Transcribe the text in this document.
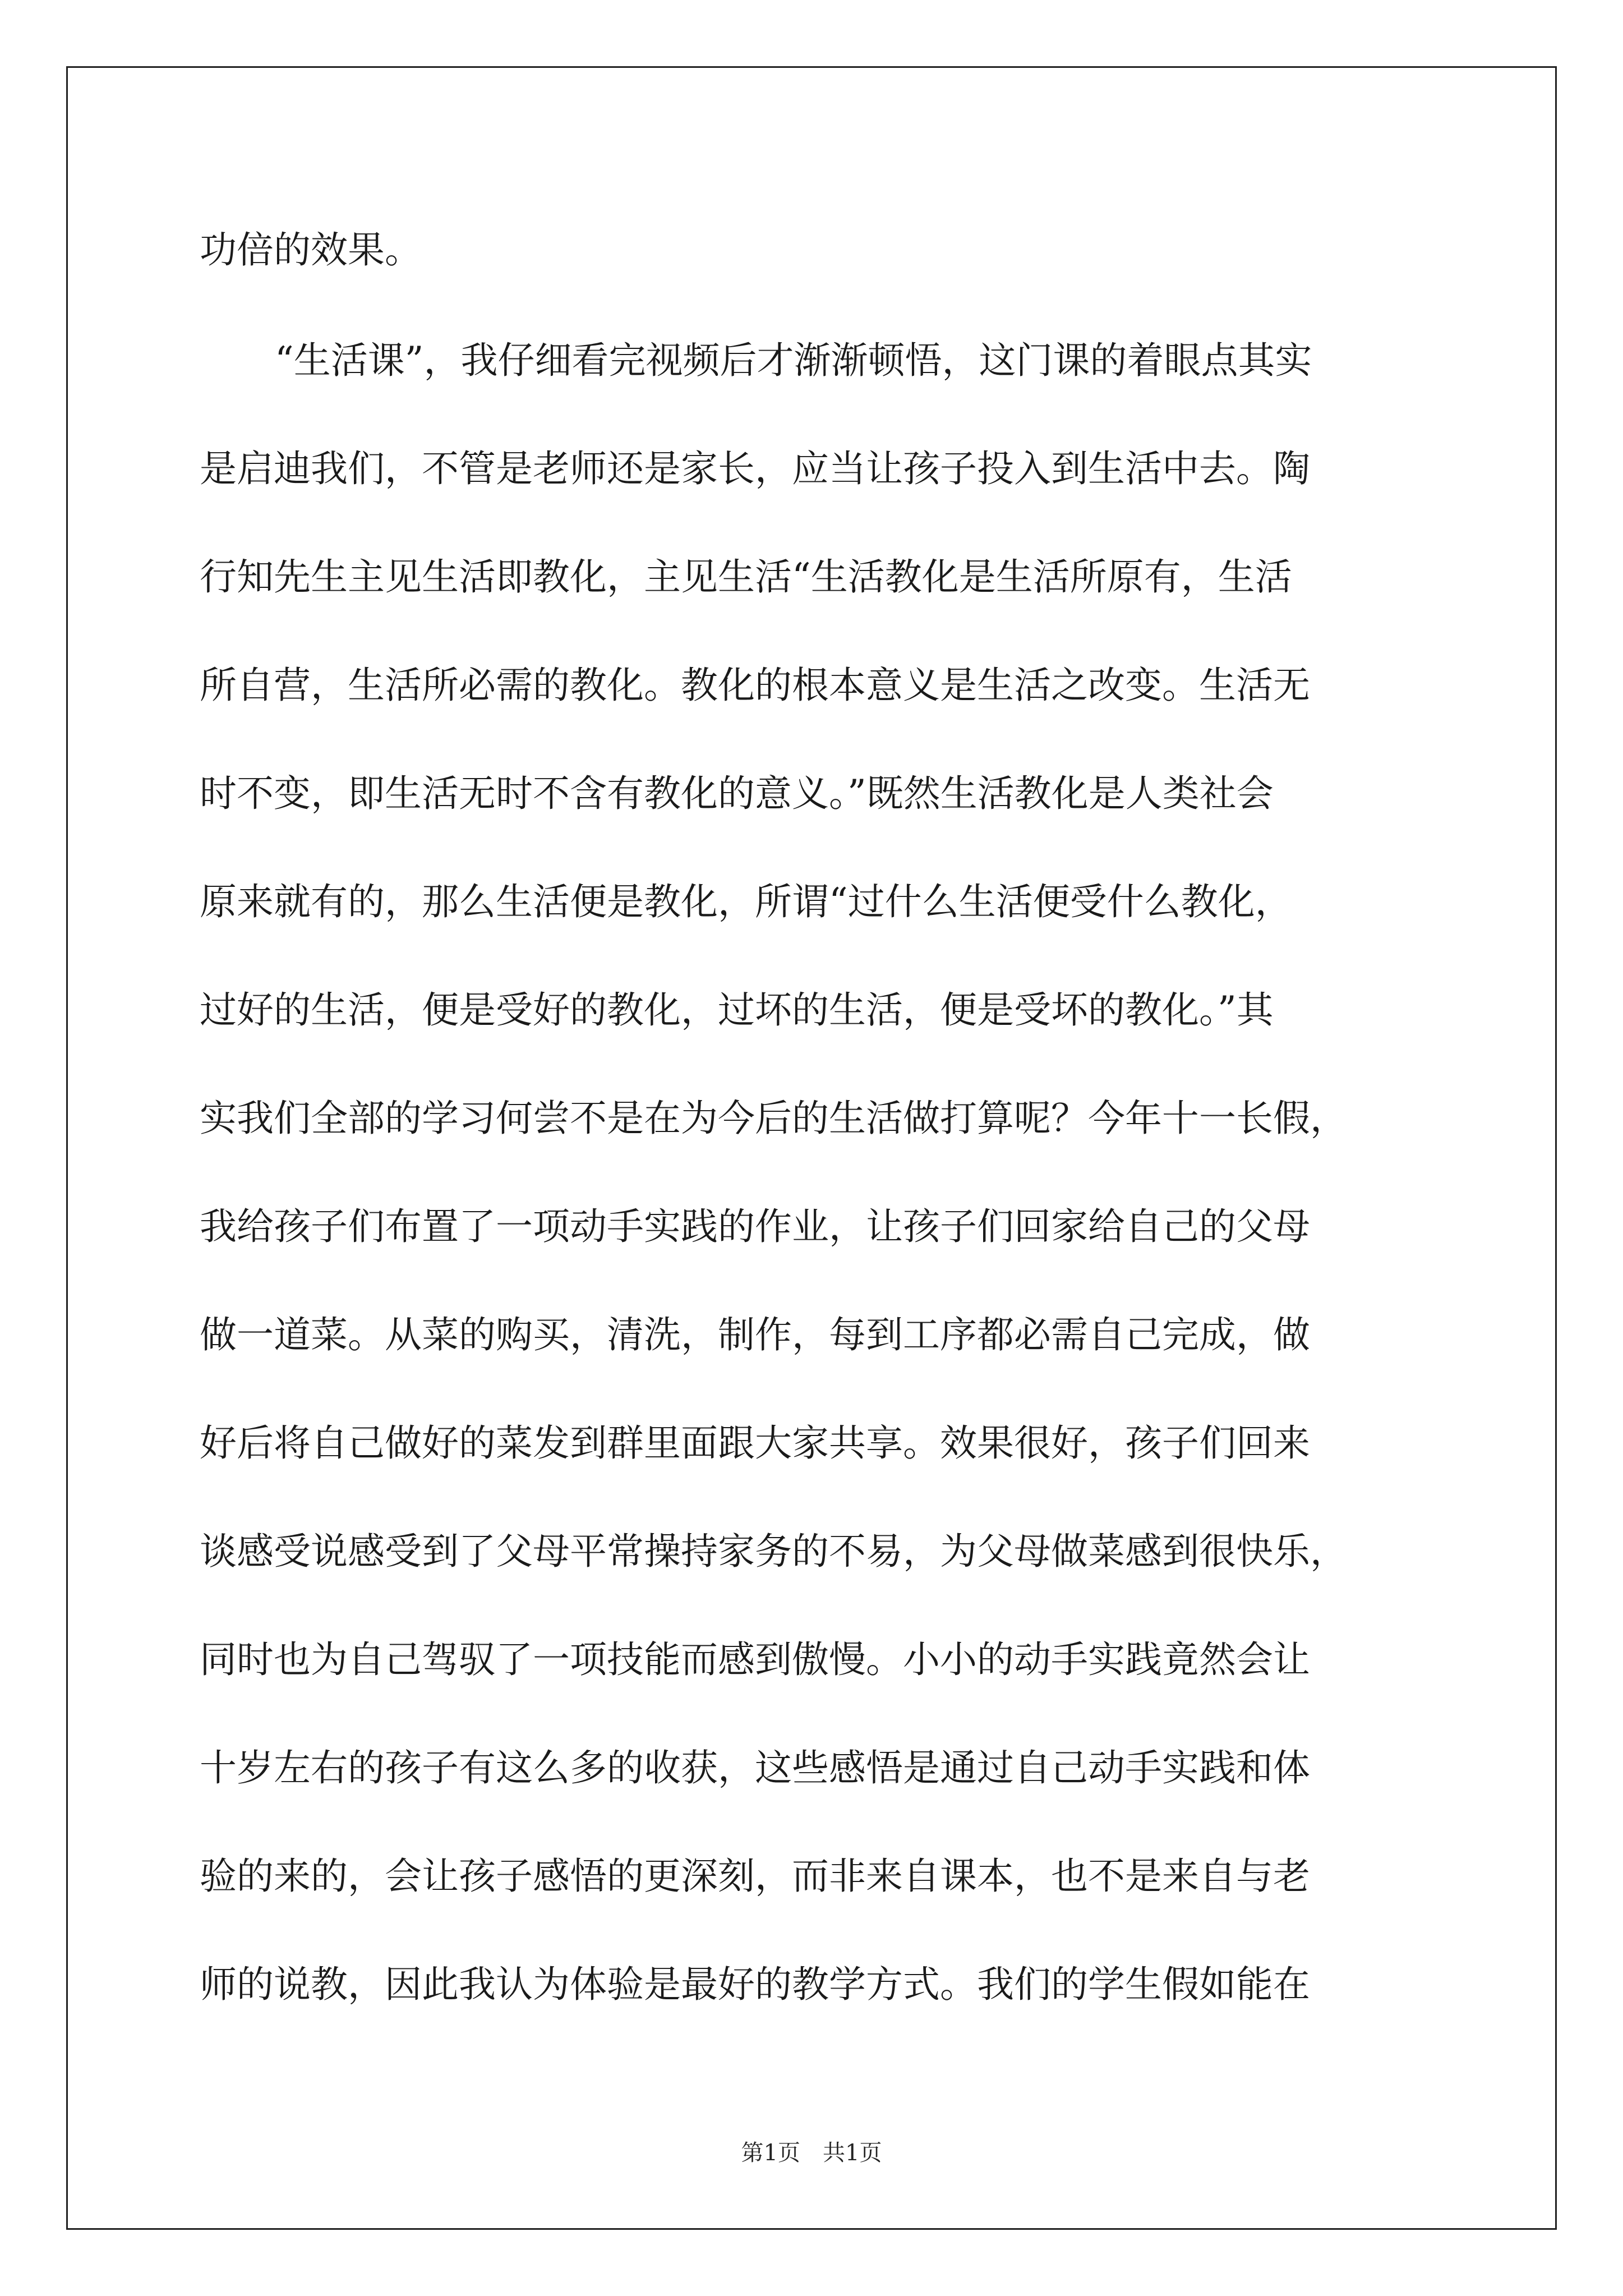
功倍的效果。
“生活课”，我仔细看完视频后才渐渐顿悟，这门课的着眼点其实
是启迪我们，不管是老师还是家长，应当让孩子投入到生活中去。陶
行知先生主见生活即教化，主见生活“生活教化是生活所原有，生活
所自营，生活所必需的教化。教化的根本意义是生活之改变。生活无
时不变，即生活无时不含有教化的意义。”既然生活教化是人类社会
原来就有的，那么生活便是教化，所谓“过什么生活便受什么教化，
过好的生活，便是受好的教化，过坏的生活，便是受坏的教化。”其
实我们全部的学习何尝不是在为今后的生活做打算呢？今年十一长假，
我给孩子们布置了一项动手实践的作业，让孩子们回家给自己的父母
做一道菜。从菜的购买，清洗，制作，每到工序都必需自己完成，做
好后将自己做好的菜发到群里面跟大家共享。效果很好，孩子们回来
谈感受说感受到了父母平常操持家务的不易，为父母做菜感到很快乐，
同时也为自己驾驭了一项技能而感到傲慢。小小的动手实践竟然会让
十岁左右的孩子有这么多的收获，这些感悟是通过自己动手实践和体
验的来的，会让孩子感悟的更深刻，而非来自课本，也不是来自与老
师的说教，因此我认为体验是最好的教学方式。我们的学生假如能在
第1页　共1页
